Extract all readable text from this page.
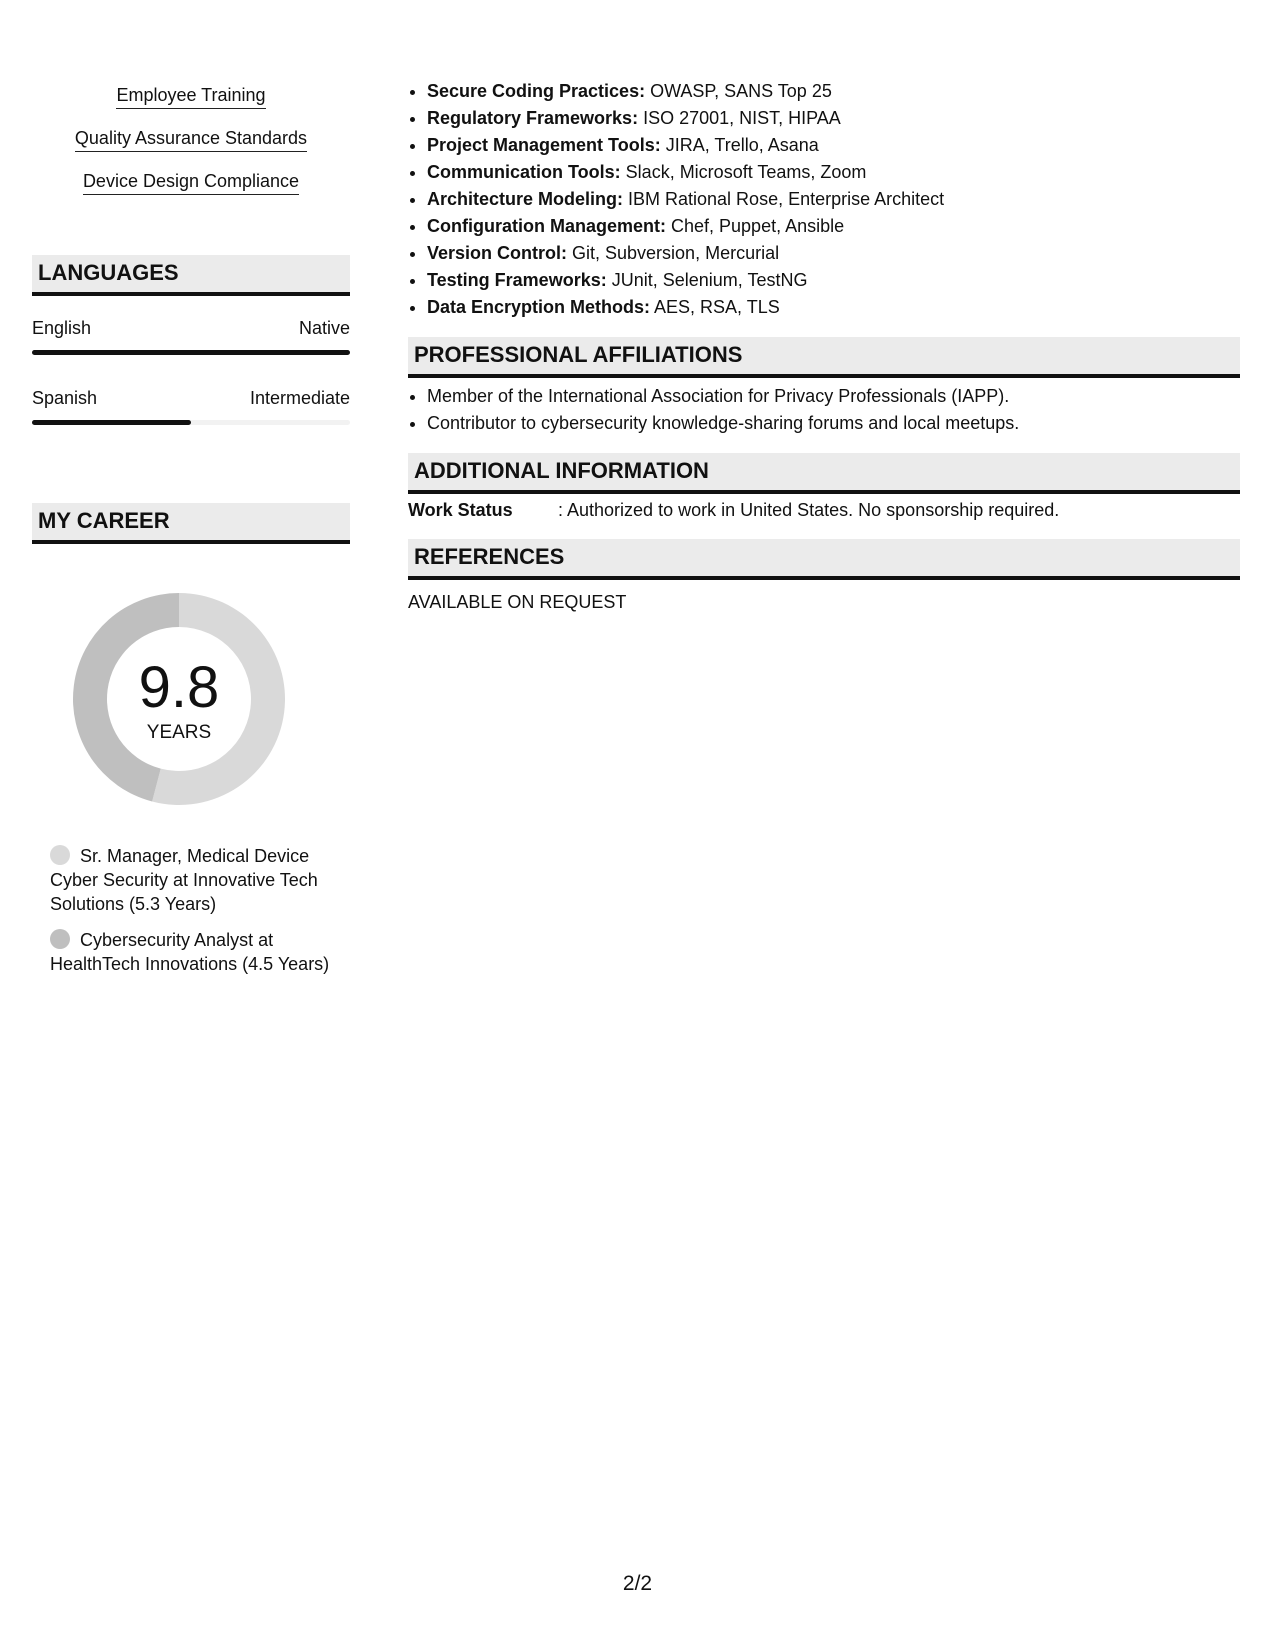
Employee Training
Quality Assurance Standards
Device Design Compliance
LANGUAGES
English	Native
Spanish	Intermediate
MY CAREER
9.8
YEARS
Sr. Manager, Medical Device Cyber Security at Innovative Tech Solutions (5.3 Years)
Cybersecurity Analyst at HealthTech Innovations (4.5 Years)
• Secure Coding Practices: OWASP, SANS Top 25
• Regulatory Frameworks: ISO 27001, NIST, HIPAA
• Project Management Tools: JIRA, Trello, Asana
• Communication Tools: Slack, Microsoft Teams, Zoom
• Architecture Modeling: IBM Rational Rose, Enterprise Architect
• Configuration Management: Chef, Puppet, Ansible
• Version Control: Git, Subversion, Mercurial
• Testing Frameworks: JUnit, Selenium, TestNG
• Data Encryption Methods: AES, RSA, TLS
PROFESSIONAL AFFILIATIONS
• Member of the International Association for Privacy Professionals (IAPP).
• Contributor to cybersecurity knowledge-sharing forums and local meetups.
ADDITIONAL INFORMATION
Work Status	: Authorized to work in United States. No sponsorship required.
REFERENCES
AVAILABLE ON REQUEST
2/2
